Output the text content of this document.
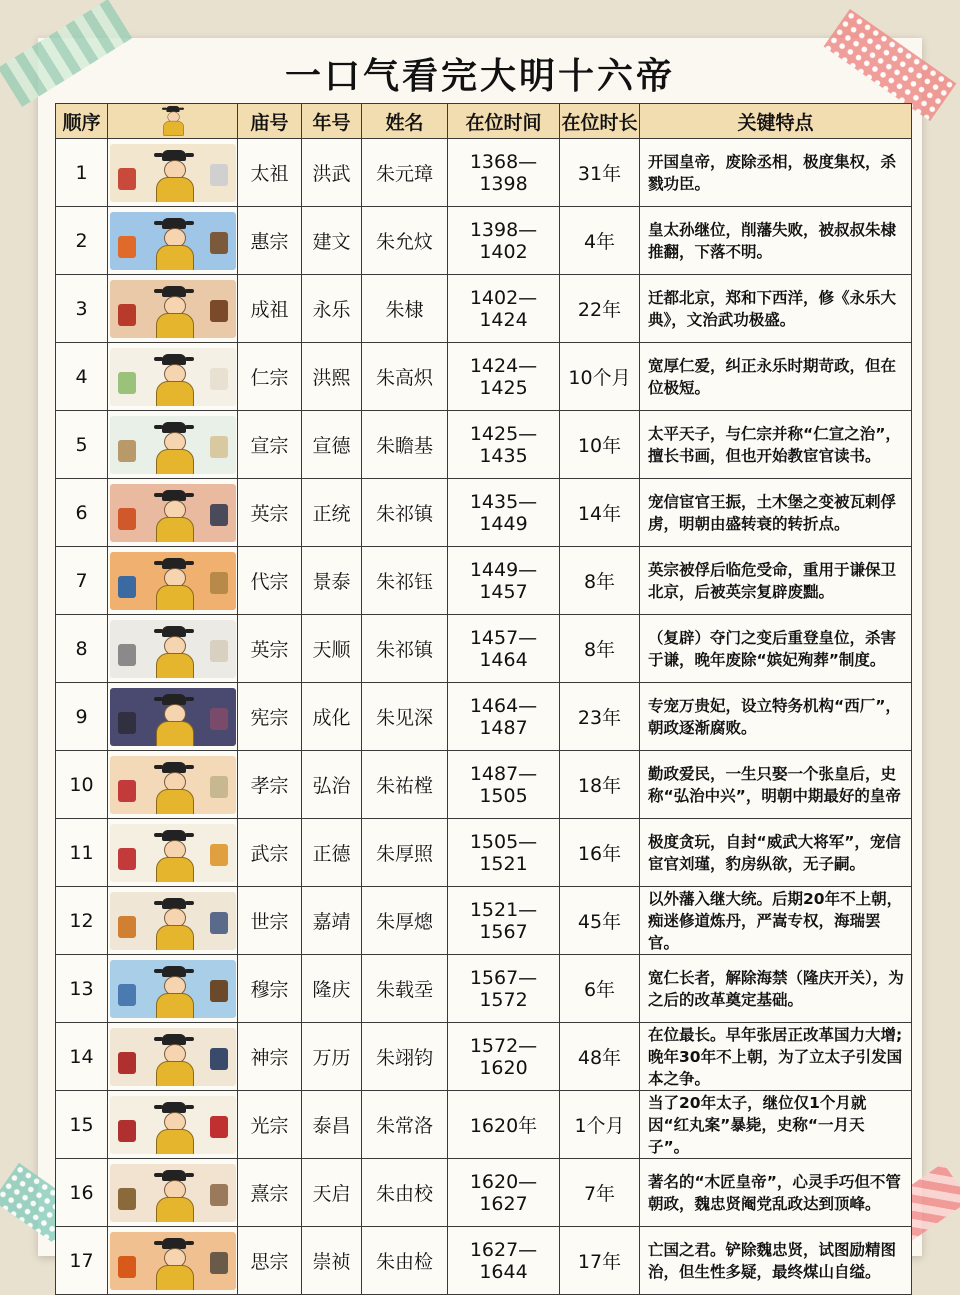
一口气看完大明十六帝
顺序		庙号	年号	姓名	在位时间	在位时长	关键特点
1		太祖	洪武	朱元璋	1368—1398	31年	开国皇帝，废除丞相，极度集权，杀戮功臣。
2		惠宗	建文	朱允炆	1398—1402	4年	皇太孙继位，削藩失败，被叔叔朱棣推翻，下落不明。
3		成祖	永乐	朱棣	1402—1424	22年	迁都北京，郑和下西洋，修《永乐大典》，文治武功极盛。
4		仁宗	洪熙	朱高炽	1424—1425	10个月	宽厚仁爱，纠正永乐时期苛政，但在位极短。
5		宣宗	宣德	朱瞻基	1425—1435	10年	太平天子，与仁宗并称“仁宣之治”，擅长书画，但也开始教宦官读书。
6		英宗	正统	朱祁镇	1435—1449	14年	宠信宦官王振，土木堡之变被瓦剌俘虏，明朝由盛转衰的转折点。
7		代宗	景泰	朱祁钰	1449—1457	8年	英宗被俘后临危受命，重用于谦保卫北京，后被英宗复辟废黜。
8		英宗	天顺	朱祁镇	1457—1464	8年	（复辟）夺门之变后重登皇位，杀害于谦，晚年废除“嫔妃殉葬”制度。
9		宪宗	成化	朱见深	1464—1487	23年	专宠万贵妃，设立特务机构“西厂”，朝政逐渐腐败。
10		孝宗	弘治	朱祐樘	1487—1505	18年	勤政爱民，一生只娶一个张皇后，史称“弘治中兴”，明朝中期最好的皇帝
11		武宗	正德	朱厚照	1505—1521	16年	极度贪玩，自封“威武大将军”，宠信宦官刘瑾，豹房纵欲，无子嗣。
12		世宗	嘉靖	朱厚熜	1521—1567	45年	以外藩入继大统。后期20年不上朝，痴迷修道炼丹，严嵩专权，海瑞罢官。
13		穆宗	隆庆	朱载坖	1567—1572	6年	宽仁长者，解除海禁（隆庆开关），为之后的改革奠定基础。
14		神宗	万历	朱翊钧	1572—1620	48年	在位最长。早年张居正改革国力大增;晚年30年不上朝，为了立太子引发国本之争。
15		光宗	泰昌	朱常洛	1620年	1个月	当了20年太子，继位仅1个月就因“红丸案”暴毙，史称“一月天子”。
16		熹宗	天启	朱由校	1620—1627	7年	著名的“木匠皇帝”，心灵手巧但不管朝政，魏忠贤阉党乱政达到顶峰。
17		思宗	崇祯	朱由检	1627—1644	17年	亡国之君。铲除魏忠贤，试图励精图治，但生性多疑，最终煤山自缢。
